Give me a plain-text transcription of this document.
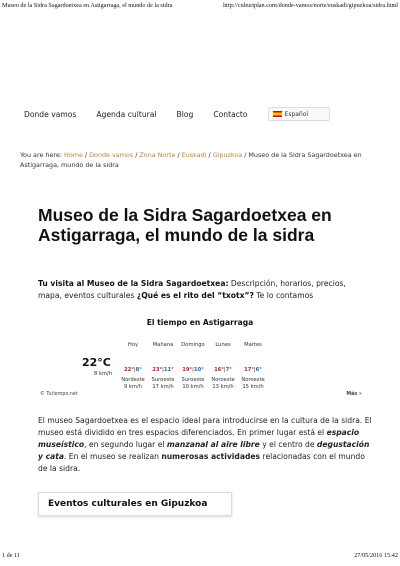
Museo de la Sidra Sagardoetxea en Astigarraga, el mundo de la sidra	http://culturiplan.com/donde-vamos/norte/euskadi/gipuzkoa/sidra.html
Donde vamos	Agenda cultural	Blog	Contacto	Español
You are here: Home / Donde vamos / Zona Norte / Euskadi / Gipuzkoa / Museo de la Sidra Sagardoetxea en Astigarraga, mundo de la sidra
Museo de la Sidra Sagardoetxea en Astigarraga, el mundo de la sidra

Tu visita al Museo de la Sidra Sagardoetxea: Descripción, horarios, precios, mapa, eventos culturales ¿Qué es el rito del “txotx”? Te lo contamos

El tiempo en Astigarraga
Hoy	Mañana	Domingo	Lunes	Martes
22°C
8 km/h
22°|8°	23°|11°	19°|10°	16°|7°	17°|6°
Nordeste	Suroeste	Suroeste	Noroeste	Noroeste
9 km/h	17 km/h	10 km/h	13 km/h	15 km/h
© Tutiempo.net	Más »

El museo Sagardoetxea es el espacio ideal para introducirse en la cultura de la sidra. El museo está dividido en tres espacios diferenciados. En primer lugar está el espacio museístico, en segundo lugar el manzanal al aire libre y el centro de degustación y cata. En el museo se realizan numerosas actividades relacionadas con el mundo de la sidra.

Eventos culturales en Gipuzkoa
1 de 11	27/05/2016 15:42
